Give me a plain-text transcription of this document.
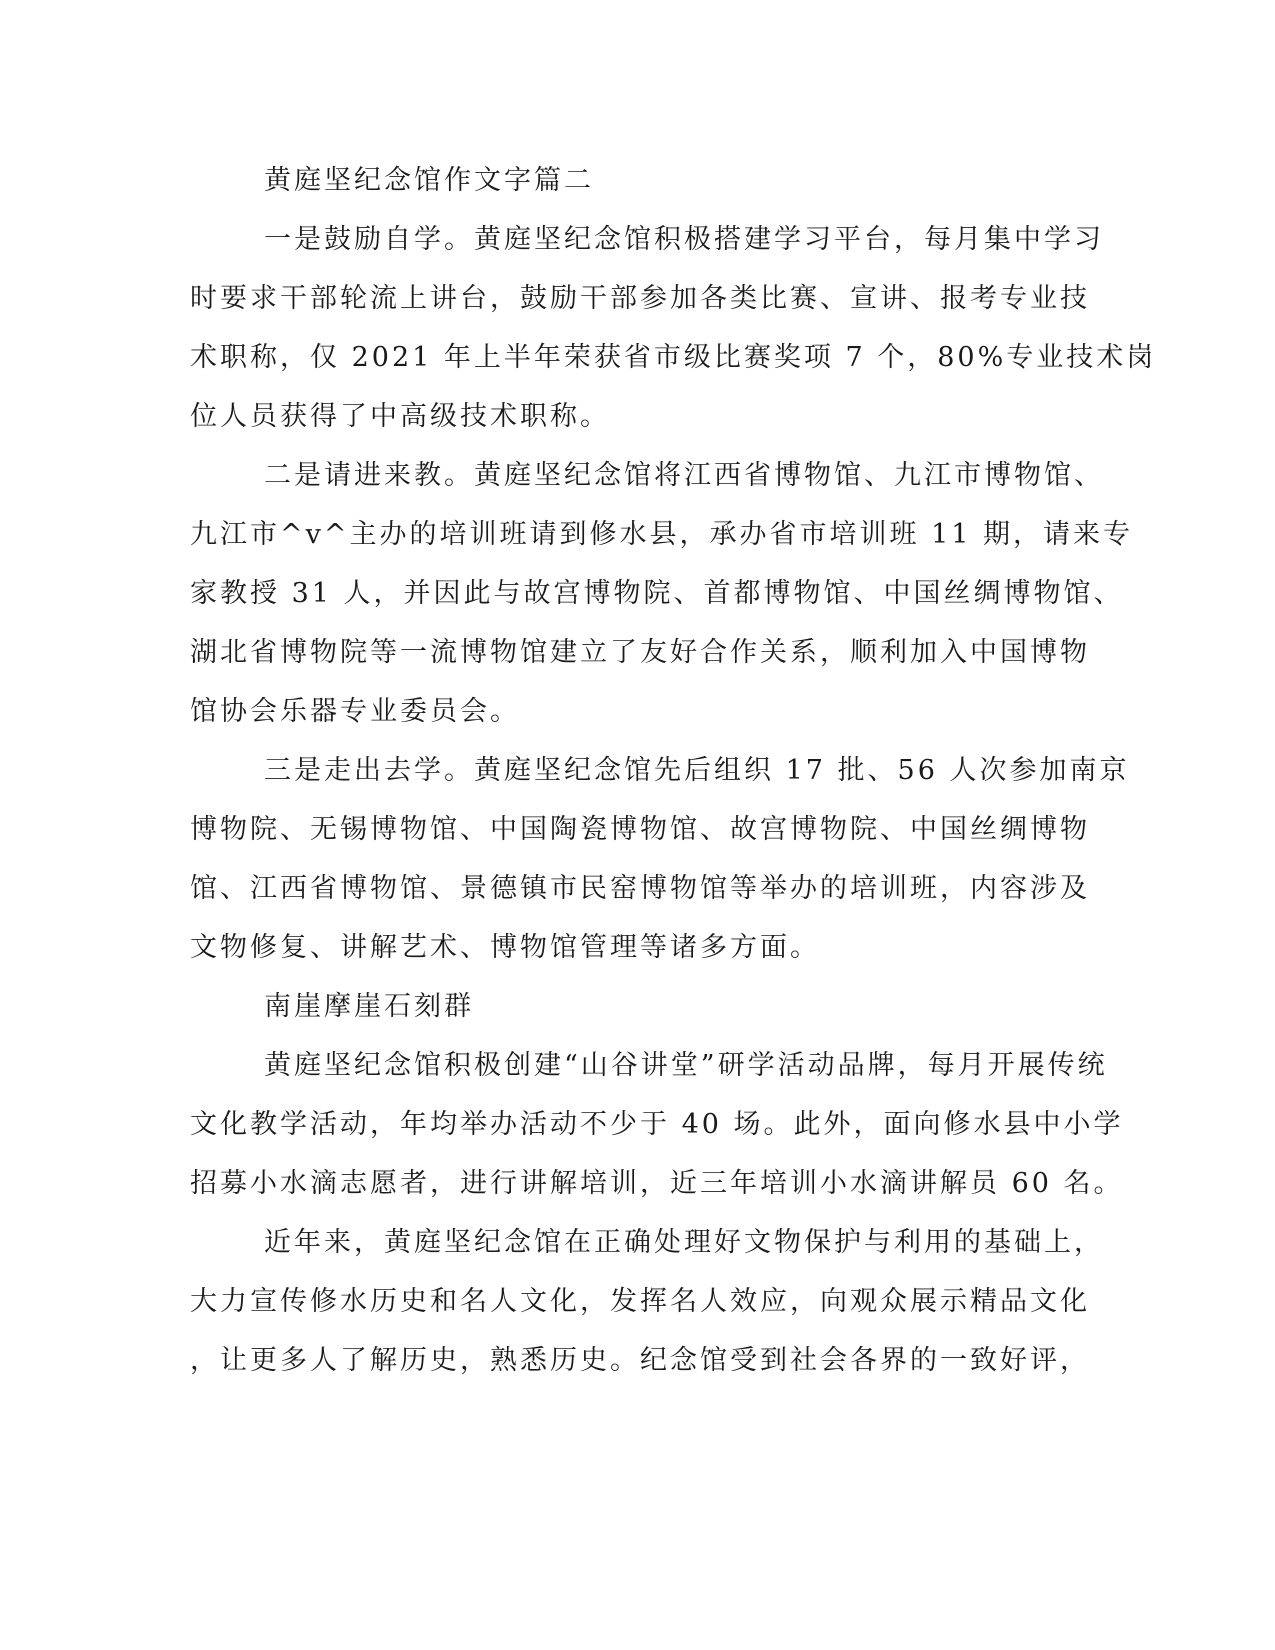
黄庭坚纪念馆作文字篇二
一是鼓励自学。黄庭坚纪念馆积极搭建学习平台，每月集中学习
时要求干部轮流上讲台，鼓励干部参加各类比赛、宣讲、报考专业技
术职称，仅 2021 年上半年荣获省市级比赛奖项 7 个，80%专业技术岗
位人员获得了中高级技术职称。
二是请进来教。黄庭坚纪念馆将江西省博物馆、九江市博物馆、
九江市^v^主办的培训班请到修水县，承办省市培训班 11 期，请来专
家教授 31 人，并因此与故宫博物院、首都博物馆、中国丝绸博物馆、
湖北省博物院等一流博物馆建立了友好合作关系，顺利加入中国博物
馆协会乐器专业委员会。
三是走出去学。黄庭坚纪念馆先后组织 17 批、56 人次参加南京
博物院、无锡博物馆、中国陶瓷博物馆、故宫博物院、中国丝绸博物
馆、江西省博物馆、景德镇市民窑博物馆等举办的培训班，内容涉及
文物修复、讲解艺术、博物馆管理等诸多方面。
南崖摩崖石刻群
黄庭坚纪念馆积极创建“山谷讲堂”研学活动品牌，每月开展传统
文化教学活动，年均举办活动不少于 40 场。此外，面向修水县中小学
招募小水滴志愿者，进行讲解培训，近三年培训小水滴讲解员 60 名。
近年来，黄庭坚纪念馆在正确处理好文物保护与利用的基础上，
大力宣传修水历史和名人文化，发挥名人效应，向观众展示精品文化
，让更多人了解历史，熟悉历史。纪念馆受到社会各界的一致好评，
